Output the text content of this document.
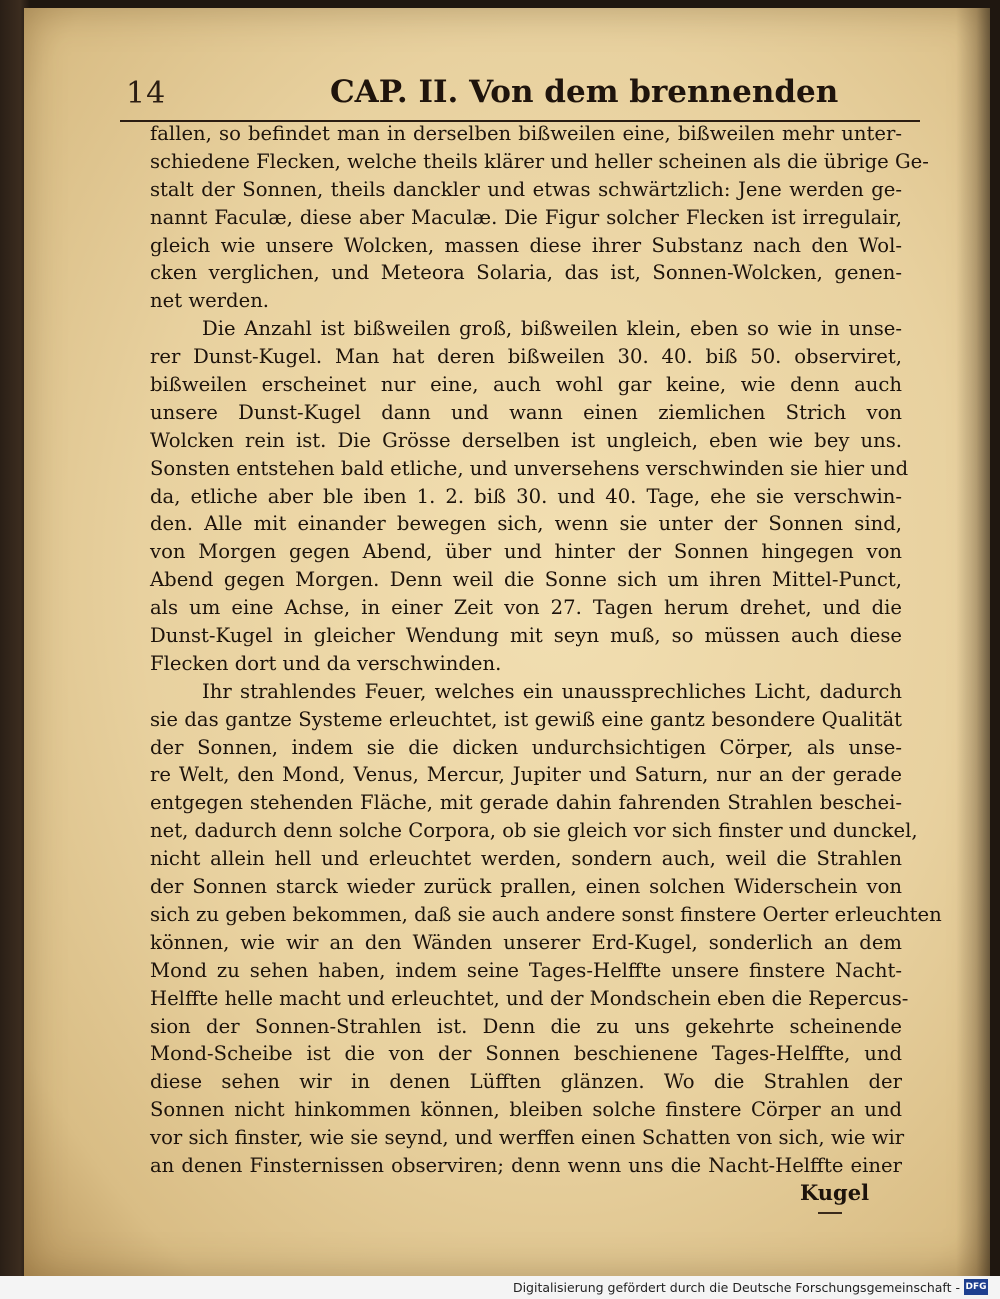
14	CAP. II. Von dem brennenden
fallen, so befindet man in derselben bißweilen eine, bißweilen mehr unter-
schiedene Flecken, welche theils klärer und heller scheinen als die übrige Ge-
stalt der Sonnen, theils danckler und etwas schwärtzlich: Jene werden ge-
nannt Faculæ, diese aber Maculæ. Die Figur solcher Flecken ist irregulair,
gleich wie unsere Wolcken, massen diese ihrer Substanz nach den Wol-
cken verglichen, und Meteora Solaria, das ist, Sonnen-Wolcken, genen-
net werden.
Die Anzahl ist bißweilen groß, bißweilen klein, eben so wie in unse-
rer Dunst-Kugel. Man hat deren bißweilen 30. 40. biß 50. observiret,
bißweilen erscheinet nur eine, auch wohl gar keine, wie denn auch
unsere Dunst-Kugel dann und wann einen ziemlichen Strich von
Wolcken rein ist. Die Grösse derselben ist ungleich, eben wie bey uns.
Sonsten entstehen bald etliche, und unversehens verschwinden sie hier und
da, etliche aber ble iben 1. 2. biß 30. und 40. Tage, ehe sie verschwin-
den. Alle mit einander bewegen sich, wenn sie unter der Sonnen sind,
von Morgen gegen Abend, über und hinter der Sonnen hingegen von
Abend gegen Morgen. Denn weil die Sonne sich um ihren Mittel-Punct,
als um eine Achse, in einer Zeit von 27. Tagen herum drehet, und die
Dunst-Kugel in gleicher Wendung mit seyn muß, so müssen auch diese
Flecken dort und da verschwinden.
Ihr strahlendes Feuer, welches ein unaussprechliches Licht, dadurch
sie das gantze Systeme erleuchtet, ist gewiß eine gantz besondere Qualität
der Sonnen, indem sie die dicken undurchsichtigen Cörper, als unse-
re Welt, den Mond, Venus, Mercur, Jupiter und Saturn, nur an der gerade
entgegen stehenden Fläche, mit gerade dahin fahrenden Strahlen beschei-
net, dadurch denn solche Corpora, ob sie gleich vor sich finster und dunckel,
nicht allein hell und erleuchtet werden, sondern auch, weil die Strahlen
der Sonnen starck wieder zurück prallen, einen solchen Widerschein von
sich zu geben bekommen, daß sie auch andere sonst finstere Oerter erleuchten
können, wie wir an den Wänden unserer Erd-Kugel, sonderlich an dem
Mond zu sehen haben, indem seine Tages-Helffte unsere finstere Nacht-
Helffte helle macht und erleuchtet, und der Mondschein eben die Repercus-
sion der Sonnen-Strahlen ist. Denn die zu uns gekehrte scheinende
Mond-Scheibe ist die von der Sonnen beschienene Tages-Helffte, und
diese sehen wir in denen Lüfften glänzen. Wo die Strahlen der
Sonnen nicht hinkommen können, bleiben solche finstere Cörper an und
vor sich finster, wie sie seynd, und werffen einen Schatten von sich, wie wir
an denen Finsternissen observiren; denn wenn uns die Nacht-Helffte einer
Kugel
Digitalisierung gefördert durch die Deutsche Forschungsgemeinschaft - DFG
